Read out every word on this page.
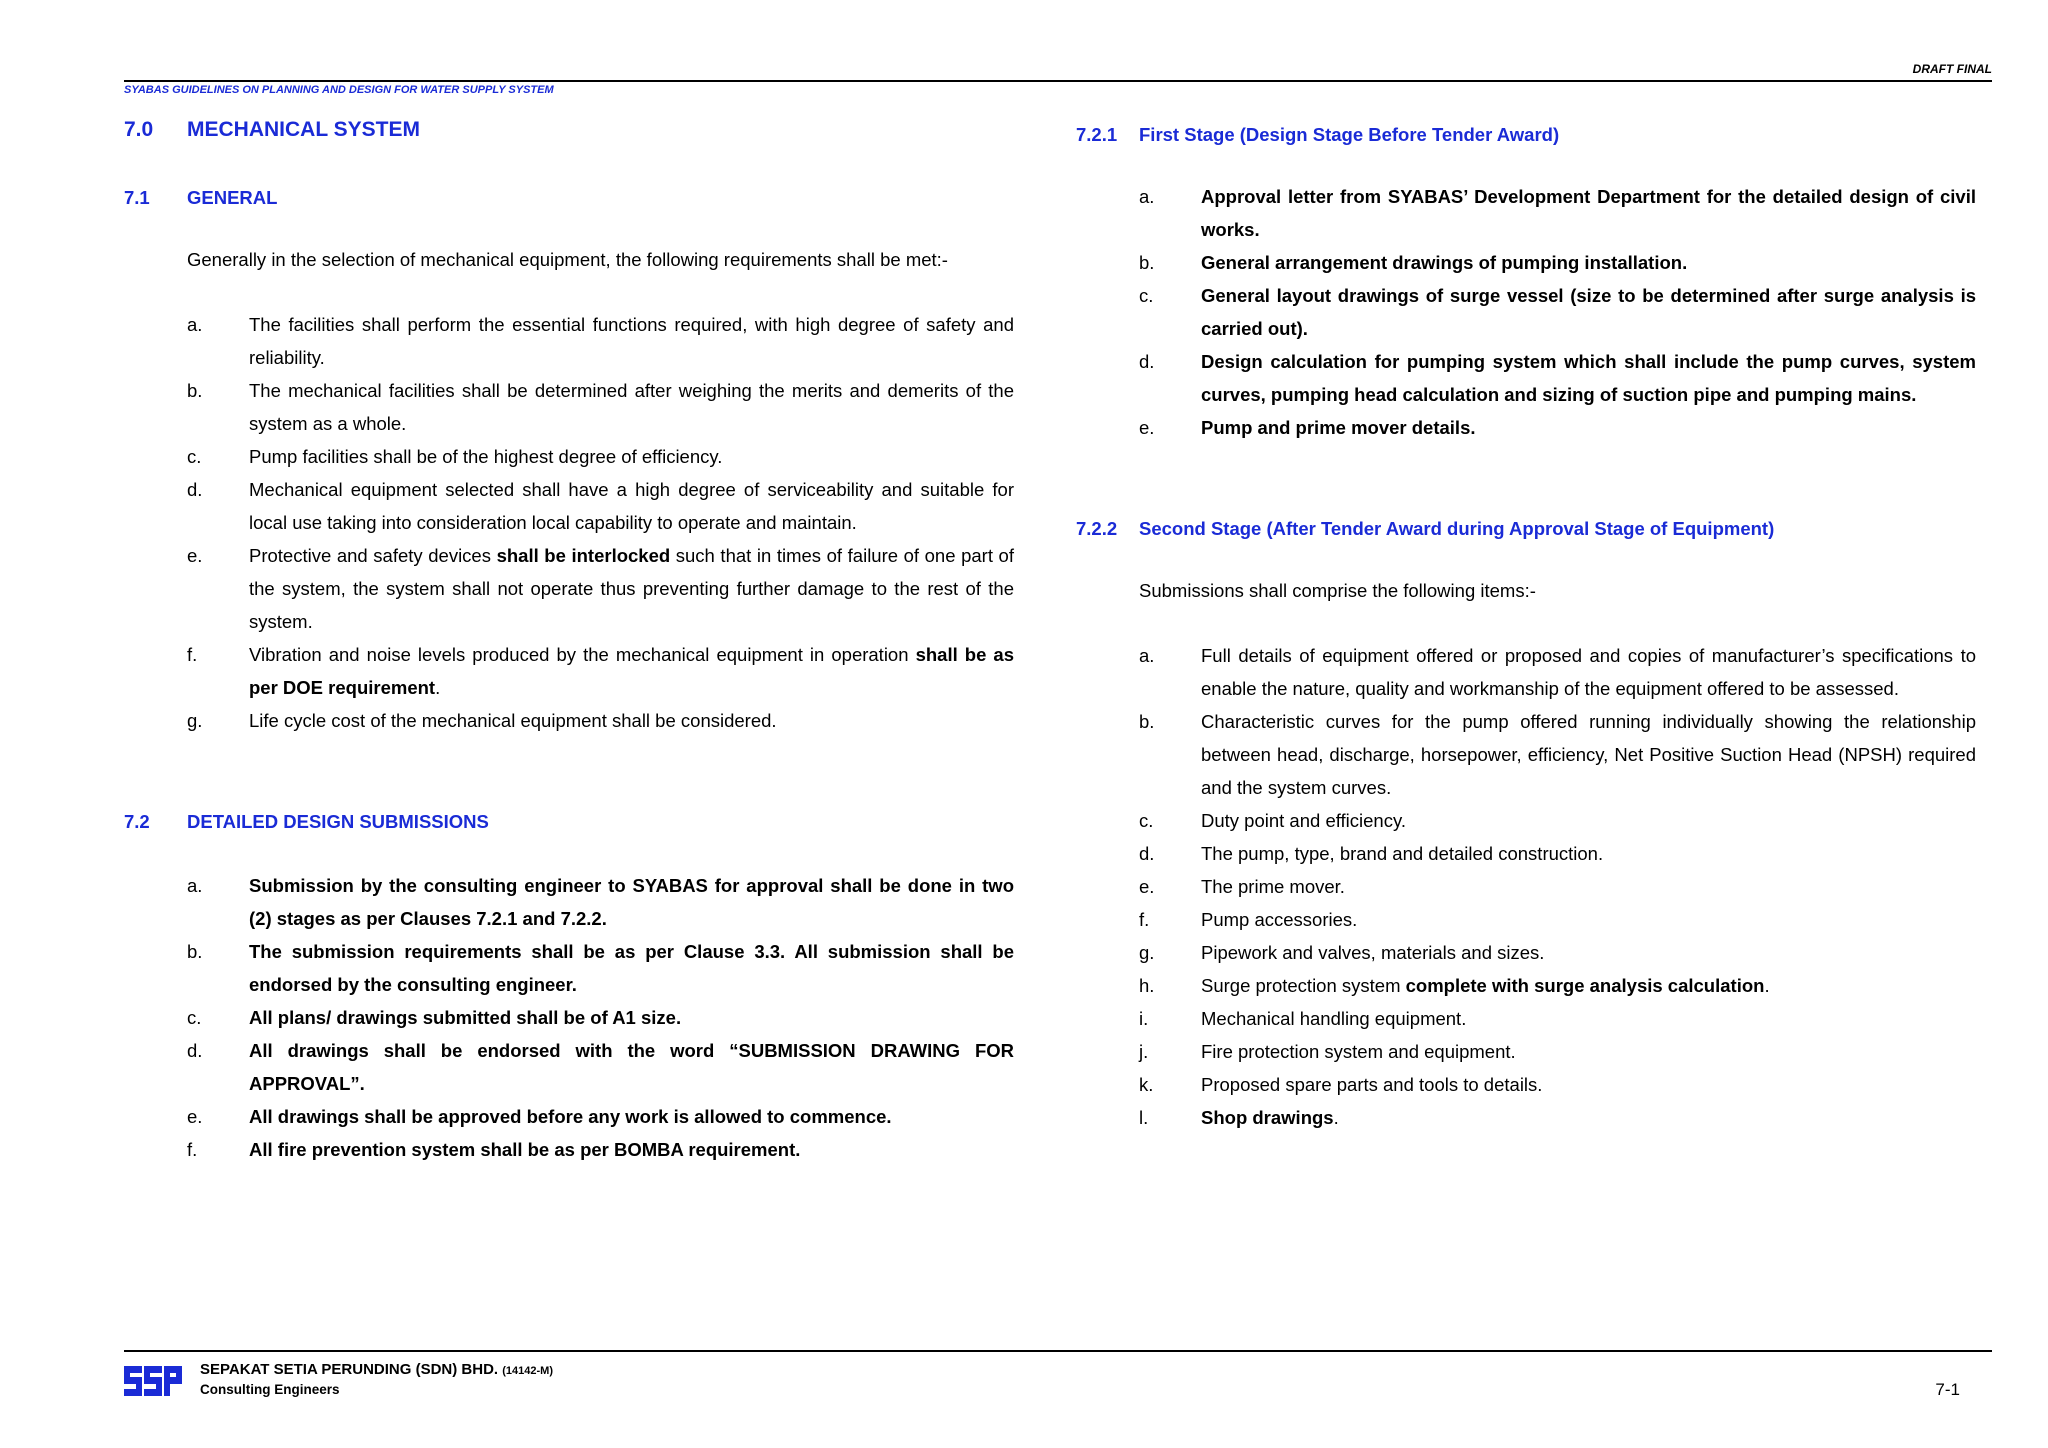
DRAFT FINAL
SYABAS GUIDELINES ON PLANNING AND DESIGN FOR WATER SUPPLY SYSTEM
7.0	MECHANICAL SYSTEM
7.1	GENERAL
Generally in the selection of mechanical equipment, the following requirements shall be met:-
a.	The facilities shall perform the essential functions required, with high degree of safety and reliability.
b.	The mechanical facilities shall be determined after weighing the merits and demerits of the system as a whole.
c.	Pump facilities shall be of the highest degree of efficiency.
d.	Mechanical equipment selected shall have a high degree of serviceability and suitable for local use taking into consideration local capability to operate and maintain.
e.	Protective and safety devices shall be interlocked such that in times of failure of one part of the system, the system shall not operate thus preventing further damage to the rest of the system.
f.	Vibration and noise levels produced by the mechanical equipment in operation shall be as per DOE requirement.
g.	Life cycle cost of the mechanical equipment shall be considered.
7.2	DETAILED DESIGN SUBMISSIONS
a.	Submission by the consulting engineer to SYABAS for approval shall be done in two (2) stages as per Clauses 7.2.1 and 7.2.2.
b.	The submission requirements shall be as per Clause 3.3. All submission shall be endorsed by the consulting engineer.
c.	All plans/ drawings submitted shall be of A1 size.
d.	All drawings shall be endorsed with the word “SUBMISSION DRAWING FOR APPROVAL”.
e.	All drawings shall be approved before any work is allowed to commence.
f.	All fire prevention system shall be as per BOMBA requirement.
7.2.1	First Stage (Design Stage Before Tender Award)
a.	Approval letter from SYABAS’ Development Department for the detailed design of civil works.
b.	General arrangement drawings of pumping installation.
c.	General layout drawings of surge vessel (size to be determined after surge analysis is carried out).
d.	Design calculation for pumping system which shall include the pump curves, system curves, pumping head calculation and sizing of suction pipe and pumping mains.
e.	Pump and prime mover details.
7.2.2	Second Stage (After Tender Award during Approval Stage of Equipment)
Submissions shall comprise the following items:-
a.	Full details of equipment offered or proposed and copies of manufacturer’s specifications to enable the nature, quality and workmanship of the equipment offered to be assessed.
b.	Characteristic curves for the pump offered running individually showing the relationship between head, discharge, horsepower, efficiency, Net Positive Suction Head (NPSH) required and the system curves.
c.	Duty point and efficiency.
d.	The pump, type, brand and detailed construction.
e.	The prime mover.
f.	Pump accessories.
g.	Pipework and valves, materials and sizes.
h.	Surge protection system complete with surge analysis calculation.
i.	Mechanical handling equipment.
j.	Fire protection system and equipment.
k.	Proposed spare parts and tools to details.
l.	Shop drawings.
SEPAKAT SETIA PERUNDING (SDN) BHD. (14142-M)
Consulting Engineers	7-1
